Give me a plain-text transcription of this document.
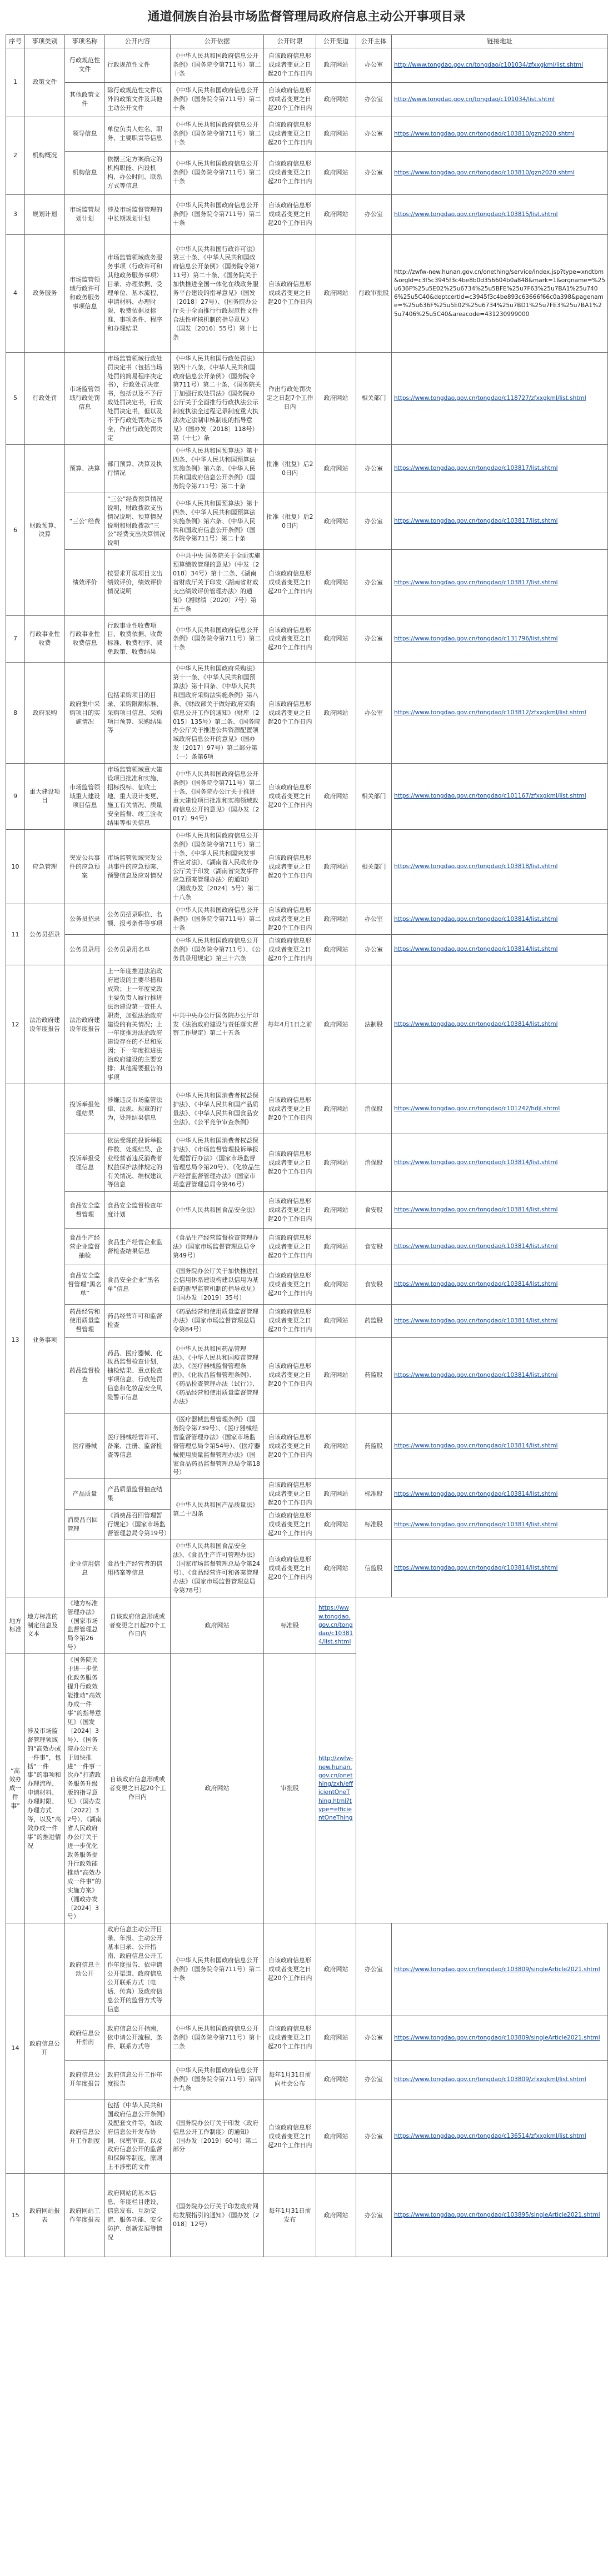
通道侗族自治县市场监督管理局政府信息主动公开事项目录
序号	事项类别	事项名称	公开内容	公开依据	公开时限	公开渠道	公开主体	链接地址
1	政策文件	行政规范性文件	行政规范性文件	《中华人民共和国政府信息公开条例》（国务院令第711号）第二十条	自该政府信息形成或者变更之日起20个工作日内	政府网站	办公室	http://www.tongdao.gov.cn/tongdao/c101034/zfxxgkml/list.shtml
		其他政策文件	除行政规范性文件以外的政策文件及其他主动公开文件	《中华人民共和国政府信息公开条例》（国务院令第711号）第二十条	自该政府信息形成或者变更之日起20个工作日内	政府网站	办公室	http://www.tongdao.gov.cn/tongdao/c101034/list.shtml
2	机构概况	领导信息	单位负责人姓名、职务、主要职责等信息	《中华人民共和国政府信息公开条例》（国务院令第711号）第二十条	自该政府信息形成或者变更之日起20个工作日内	政府网站	办公室	https://www.tongdao.gov.cn/tongdao/c103810/gzn2020.shtml
		机构信息	依据三定方案确定的机构职能、内设机构、办公时间、联系方式等信息	《中华人民共和国政府信息公开条例》（国务院令第711号）第二十条	自该政府信息形成或者变更之日起20个工作日内	政府网站	办公室	https://www.tongdao.gov.cn/tongdao/c103810/gzn2020.shtml
3	规划计划	市场监管规划计划	涉及市场监督管理的中长期规划计划	《中华人民共和国政府信息公开条例》（国务院令第711号）第二十条	自该政府信息形成或者变更之日起20个工作日内	政府网站	办公室	https://www.tongdao.gov.cn/tongdao/c103815/list.shtml
4	政务服务	市场监管领域行政许可和政务服务事项信息	市场监管领域政务服务事项（行政许可和其他政务服务事项）目录、办理依据、受理单位、基本流程、申请材料、办理时限、收费依据及标准、事项条件、程序和办理结果	《中华人民共和国行政许可法》第三十条、《中华人民共和国政府信息公开条例》（国务院令第711号）第二十条、《国务院关于加快推进全国一体化在线政务服务平台建设的指导意见》（国发〔2018〕27号）、《国务院办公厅关于全面推行行政规范性文件合法性审核机制的指导意见》（国发〔2016〕55号）第十七条	自该政府信息形成或者变更之日起20个工作日内	政府网站	行政审批股	http://zwfw-new.hunan.gov.cn/onething/service/index.jsp?type=xndtbm&orgId=c3f5c3945f3c4be8b0d356604b0a848&mark=1&orgname=%25u636F%25u5E02%25u6734%25u5BFE%25u7F63%25u7BA1%25u7406%25u5C40&deptcertId=c3945f3c4be893c63666f66c0a398&pagename=%25u636F%25u5E02%25u6734%25u7BD1%25u7FE3%25u7BA1%25u7406%25u5C40&areacode=431230999000
5	行政处罚	市场监管领域行政处罚信息	市场监管领域行政处罚决定书（包括当场处罚的简易程序决定书），行政处罚决定书，包括以及不予行政处罚决定书，行政处罚决定书，但以及不予行政处罚决定书全，作出行政处罚决定	《中华人民共和国行政处罚法》第四十八条、《中华人民共和国政府信息公开条例》（国务院令第711号）第二十条、《国务院关于加强行政处罚法》《国务院办公厅关于全面推行行政执法公示制度执法全过程记录制度重大执法决定法制审核制度的指导意见》（国办发〔2018〕118号）第（十七）条	作出行政处罚决定之日起7个工作日内	政府网站	相关部门	https://www.tongdao.gov.cn/tongdao/c118727/zfxxgkml/list.shtml
6	财政预算、决算	预算、决算	部门预算、决算及执行情况	《中华人民共和国预算法》第十四条、《中华人民共和国预算法实施条例》第六条、《中华人民共和国政府信息公开条例》（国务院令第711号）第二十条	批准（批复）后20日内	政府网站	办公室	https://www.tongdao.gov.cn/tongdao/c103817/list.shtml
		“三公”经费	“三公”经费预算情况说明，财政拨款支出情况说明、预算情况说明和财政拨款“三公”经费支出决算情况说明	《中华人民共和国预算法》第十四条、《中华人民共和国预算法实施条例》第六条、《中华人民共和国政府信息公开条例》（国务院令第711号）第二十条	批准（批复）后20日内	政府网站	办公室	https://www.tongdao.gov.cn/tongdao/c103817/list.shtml
		绩效评价	按要求开展项目支出绩效评价，绩效评价情况说明	《中共中央 国务院关于全面实施预算绩效管理的意见》（中发〔2018〕34号）第十二条、《湖南省财政厅关于印发〈湖南省财政支出绩效评价管理办法〉的通知》（湘财绩〔2020〕7号）第五十条	自该政府信息形成或者变更之日起20个工作日内	政府网站	办公室	https://www.tongdao.gov.cn/tongdao/c103817/list.shtml
7	行政事业性收费	行政事业性收费信息	行政事业性收费项目、收费依据、收费标准、收费程序、减免政策、收费结果	《中华人民共和国政府信息公开条例》（国务院令第711号）第二十条	自该政府信息形成或者变更之日起20个工作日内	政府网站	办公室	https://www.tongdao.gov.cn/tongdao/c131796/list.shtml
8	政府采购	政府集中采购项目的实施情况	包括采购项目的目录、采购限额标准、采购项目信息、采购项目预算、采购结果等	《中华人民共和国政府采购法》第十一条、《中华人民共和国预算法》第十四条、《中华人民共和国政府采购法实施条例》第八条、《财政部关于做好政府采购信息公开工作的通知》（财库〔2015〕135号）第二条、《国务院办公厅关于推进公共资源配置领域政府信息公开的意见》（国办发〔2017〕97号）第二部分第（一）条第6项	自该政府信息形成或者变更之日起20个工作日内	政府网站	办公室	https://www.tongdao.gov.cn/tongdao/c103812/zfxxgkml/list.shtml
9	重大建设项目	市场监管领域重大建设项目信息	市场监管领域重大建设项目批准和实施、招标投标、征收土地、重大设计变更、施工有关情况、质量安全监督、竣工验收结果等相关信息	《中华人民共和国政府信息公开条例》（国务院令第711号）第二十条、《国务院办公厅关于推进重大建设项目批准和实施领域政府信息公开的意见》（国办发〔2017〕94号）	自该政府信息形成或者变更之日起20个工作日内	政府网站	相关部门	https://www.tongdao.gov.cn/tongdao/c101167/zfxxgkml/list.shtml
10	应急管理	突发公共事件的应急预案	市场监管领域突发公共事件的应急预案、预警信息及应对情况	《中华人民共和国政府信息公开条例》（国务院令第711号）第二十条、《中华人民共和国突发事件应对法》、《湖南省人民政府办公厅关于印发〈湖南省突发事件应急预案管理办法〉的通知》（湘政办发〔2024〕5号）第二十八条	自该政府信息形成或者变更之日起20个工作日内	政府网站	相关部门	https://www.tongdao.gov.cn/tongdao/c103818/list.shtml
11	公务员招录	公务员招录	公务员招录职位、名额、报考条件等事项	《中华人民共和国政府信息公开条例》（国务院令第711号）第二十条	自该政府信息形成或者变更之日起20个工作日内	政府网站	办公室	https://www.tongdao.gov.cn/tongdao/c103814/list.shtml
		公务员录用	公务员录用名单	《中华人民共和国政府信息公开条例》（国务院令第711号）、《公务员录用规定》第三十六条	自该政府信息形成或者变更之日起20个工作日内	政府网站	办公室	https://www.tongdao.gov.cn/tongdao/c103814/list.shtml
12	法治政府建设年度报告	法治政府建设年度报告	上一年度推进法治政府建设的主要举措和成效；上一年度党政主要负责人履行推进法治建设第一责任人职责，加强法治政府建设的有关情况；上一年度推进法治政府建设存在的不足和原因；下一年度推进法治政府建设的主要安排；其他需要报告的事项	中共中央办公厅国务院办公厅印发《法治政府建设与责任落实督察工作规定》第二十五条	每年4月1日之前	政府网站	法制股	https://www.tongdao.gov.cn/tongdao/c103814/list.shtml
13	业务事项	投诉举报处理结果	涉嫌违反市场监管法律、法规、规章的行为，处理结果信息	《中华人民共和国消费者权益保护法》、《中华人民共和国产品质量法》、《中华人民共和国食品安全法》、《公平竞争审查条例》	自该政府信息形成或者变更之日起20个工作日内	政府网站	消保股	https://www.tongdao.gov.cn/tongdao/c101242/hdjl.shtml
		投诉举报受理信息	依法受理的投诉举报件数、处理结果、企业经营者违反消费者权益保护法律规定的有关情况、维权建议等信息	《中华人民共和国消费者权益保护法》、《市场监督管理投诉举报处理暂行办法》（国家市场监督管理总局令第20号）、《化妆品生产经营监督管理办法》（国家市场监督管理总局令第46号）	自该政府信息形成或者变更之日起20个工作日内	政府网站	消保股	https://www.tongdao.gov.cn/tongdao/c103814/list.shtml
		食品安全监督管理	食品安全监督检查年度计划	《中华人民共和国食品安全法》	自该政府信息形成或者变更之日起20个工作日内	政府网站	食安股	https://www.tongdao.gov.cn/tongdao/c103814/list.shtml
		食品生产经营企业监督抽检	食品生产经营企业监督检查结果信息	《食品生产经营监督检查管理办法》（国家市场监督管理总局令第49号）	自该政府信息形成或者变更之日起20个工作日内	政府网站	食安股	https://www.tongdao.gov.cn/tongdao/c103814/list.shtml
		食品安全监督管理“黑名单”	食品安全企业“黑名单”信息	《国务院办公厅关于加快推进社会信用体系建设构建以信用为基础的新型监管机制的指导意见》（国办发〔2019〕35号）	自该政府信息形成或者变更之日起20个工作日内	政府网站	食安股	https://www.tongdao.gov.cn/tongdao/c103814/list.shtml
		药品经营和使用质量监督管理	药品经营许可和监督检查	《药品经营和使用质量监督管理办法》（国家市场监督管理总局令第84号）	自该政府信息形成或者变更之日起20个工作日内	政府网站	药监股	https://www.tongdao.gov.cn/tongdao/c103814/list.shtml
		药品监督检查	药品、医疗器械、化妆品监督检查计划，抽检结果、重点检查事项信息、行政处罚信息和化妆品安全风险警示信息	《中华人民共和国药品管理法》、《中华人民共和国疫苗管理法》、《医疗器械监督管理条例》、《化妆品监督管理条例》、《药品检查管理办法（试行）》、《药品经营和使用质量监督管理办法》	自该政府信息形成或者变更之日起20个工作日内	政府网站	药监股	https://www.tongdao.gov.cn/tongdao/c103814/list.shtml
		医疗器械	医疗器械经营许可、备案、注册、监督检查等信息	《医疗器械监督管理条例》（国务院令第739号）、《医疗器械经营监督管理办法》（国家市场监督管理总局令第54号）、《医疗器械使用质量监督管理办法》（国家食品药品监督管理总局令第18号）	自该政府信息形成或者变更之日起20个工作日内	政府网站	药监股	https://www.tongdao.gov.cn/tongdao/c103814/list.shtml
		产品质量	产品质量监督抽查结果	《中华人民共和国产品质量法》第二十四条	自该政府信息形成或者变更之日起20个工作日内	政府网站	标准股	https://www.tongdao.gov.cn/tongdao/c103814/list.shtml
		消费品召回管理	《消费品召回管理暂行规定》（国家市场监督管理总局令第19号）		自该政府信息形成或者变更之日起20个工作日内	政府网站	标准股	https://www.tongdao.gov.cn/tongdao/c103814/list.shtml
		企业信用信息	食品生产经营者的信用档案等信息	《中华人民共和国食品安全法》、《食品生产许可管理办法》（国家市场监督管理总局令第24号）、《食品经营许可和备案管理办法》（国家市场监督管理总局令第78号）	自该政府信息形成或者变更之日起20个工作日内	政府网站	信监股	https://www.tongdao.gov.cn/tongdao/c103814/list.shtml
地方标准	地方标准的制定信息及文本	《地方标准管理办法》（国家市场监督管理总局令第26号）	自该政府信息形成或者变更之日起20个工作日内	政府网站	标准股	https://www.tongdao.gov.cn/tongdao/c103814/list.shtml		
“高效办成一件事”	涉及市场监督管理领域的“高效办成一件事”，包括“一件事”的事项和办理流程、申请材料、办理时限、办理方式等，以及“高效办成一件事”的推进情况	《国务院关于进一步优化政务服务提升行政效能推动“高效办成一件事”的指导意见》（国发〔2024〕3号）、《国务院办公厅关于加快推进“一件事一次办”打造政务服务升级版的指导意见》（国办发〔2022〕32号）、《湖南省人民政府办公厅关于进一步优化政务服务提升行政效能推动“高效办成一件事”的实施方案》（湘政办发〔2024〕3号）	自该政府信息形成或者变更之日起20个工作日内	政府网站	审批股	http://zwfw-new.hunan.gov.cn/onething/zxh/efficientOneThing.html?type=efficientOneThing		
14	政府信息公开	政府信息主动公开	政府信息主动公开目录、年报、主动公开基本目录、公开指南、政府信息公开工作年度报告、依申请公开渠道、政府信息公开联系方式（电话、传真）及政府信息公开的监督方式等信息	《中华人民共和国政府信息公开条例》（国务院令第711号）第二十条	自该政府信息形成或者变更之日起20个工作日内	政府网站	办公室	https://www.tongdao.gov.cn/tongdao/c103809/singleArticle2021.shtml
		政府信息公开指南	政府信息公开指南，依申请公开流程、条件、联系方式等	《中华人民共和国政府信息公开条例》（国务院令第711号）第十二条	自该政府信息形成或者变更之日起20个工作日内	政府网站	办公室	https://www.tongdao.gov.cn/tongdao/c103809/singleArticle2021.shtml
		政府信息公开年度报告	政府信息公开工作年度报告	《中华人民共和国政府信息公开条例》（国务院令第711号）第四十九条	每年1月31日前向社会公布	政府网站	办公室	https://www.tongdao.gov.cn/tongdao/c103809/zfxxgkml/list.shtml
		政府信息公开工作制度	包括《中华人民共和国政府信息公开条例》及配套文件等，如政府信息公开发布协调、保密审查、以及政府信息公开的监督和保障等制度，原则上不涉密的文件	《国务院办公厅关于印发〈政府信息公开工作制度〉的通知》（国办发〔2019〕60号）第二部分	自该政府信息形成或者变更之日起20个工作日内	政府网站	办公室	https://www.tongdao.gov.cn/tongdao/c136514/zfxxgkml/list.shtml
15	政府网站报表	政府网站工作年度报表	政府网站的基本信息、年度栏目建设、信息发布、互动交流、服务功能、安全防护、创新发展等情况	《国务院办公厅关于印发政府网站发展指引的通知》（国办发〔2018〕12号）	每年1月31日前发布	政府网站	办公室	https://www.tongdao.gov.cn/tongdao/c103895/singleArticle2021.shtml
